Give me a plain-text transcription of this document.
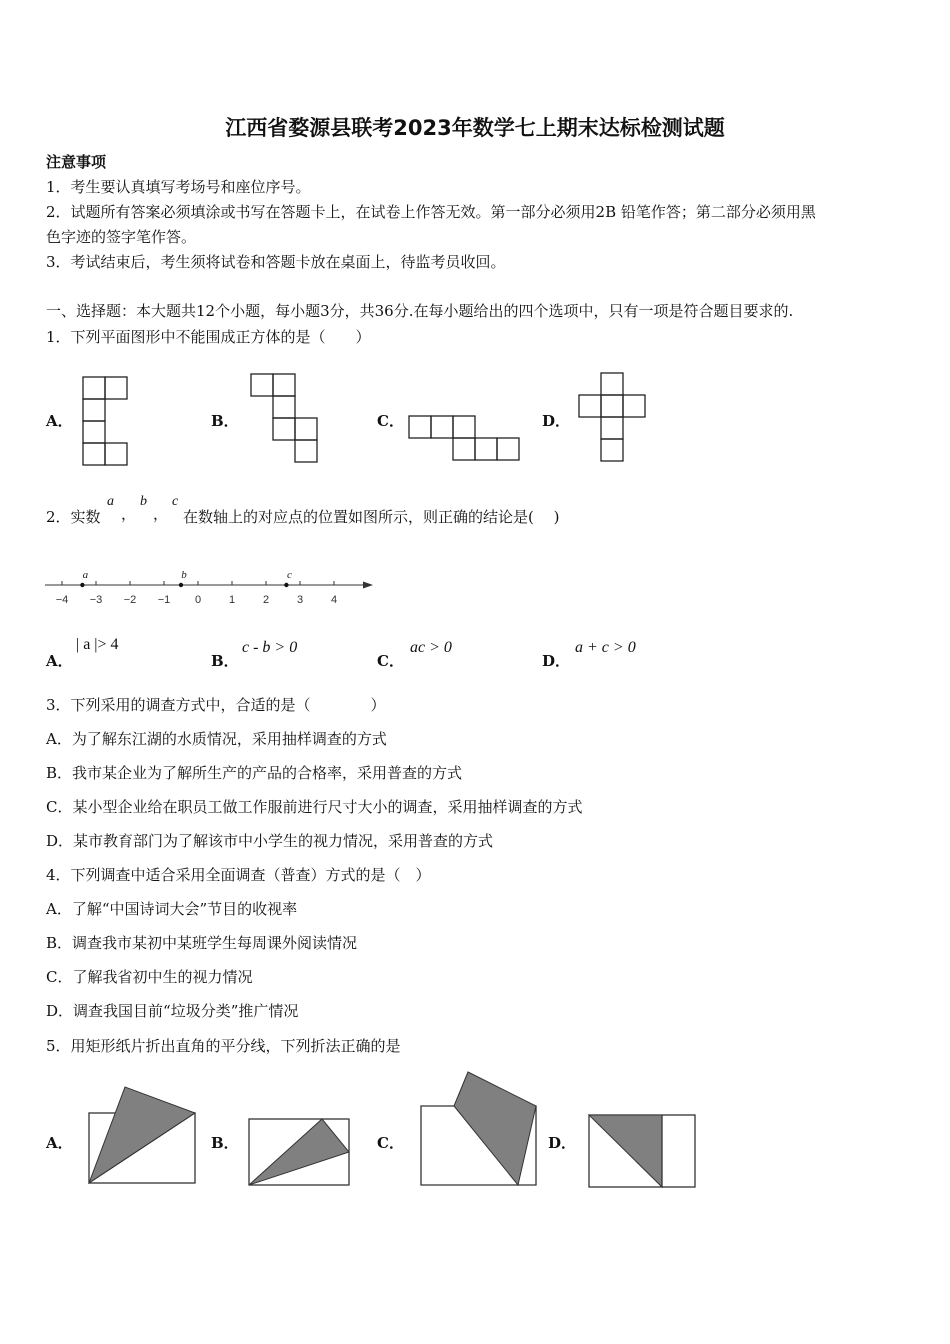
江西省婺源县联考2023年数学七上期末达标检测试题
注意事项
1．考生要认真填写考场号和座位序号。
2．试题所有答案必须填涂或书写在答题卡上，在试卷上作答无效。第一部分必须用2B 铅笔作答；第二部分必须用黑
色字迹的签字笔作答。
3．考试结束后，考生须将试卷和答题卡放在桌面上，待监考员收回。
一、选择题：本大题共12个小题，每小题3分，共36分.在每小题给出的四个选项中，只有一项是符合题目要求的.
1．下列平面图形中不能围成正方体的是（　　）
A．	B．	C．	D．
2．实数
a
，
b
，
c
在数轴上的对应点的位置如图所示，则正确的结论是(　 )
−4 −3 −2 −1 0	1	2	3	4
a	b	c
A．
| a |> 4
B．
c - b > 0
C．
ac > 0
D．
a + c > 0
3．下列采用的调查方式中，合适的是（　　　　）
A．为了解东江湖的水质情况，采用抽样调查的方式
B．我市某企业为了解所生产的产品的合格率，采用普查的方式
C．某小型企业给在职员工做工作服前进行尺寸大小的调查，采用抽样调查的方式
D．某市教育部门为了解该市中小学生的视力情况，采用普查的方式
4．下列调查中适合采用全面调查（普查）方式的是（　）
A．了解“中国诗词大会”节目的收视率
B．调查我市某初中某班学生每周课外阅读情况
C．了解我省初中生的视力情况
D．调查我国目前“垃圾分类”推广情况
5．用矩形纸片折出直角的平分线，下列折法正确的是
A．	B．	C．	D．
